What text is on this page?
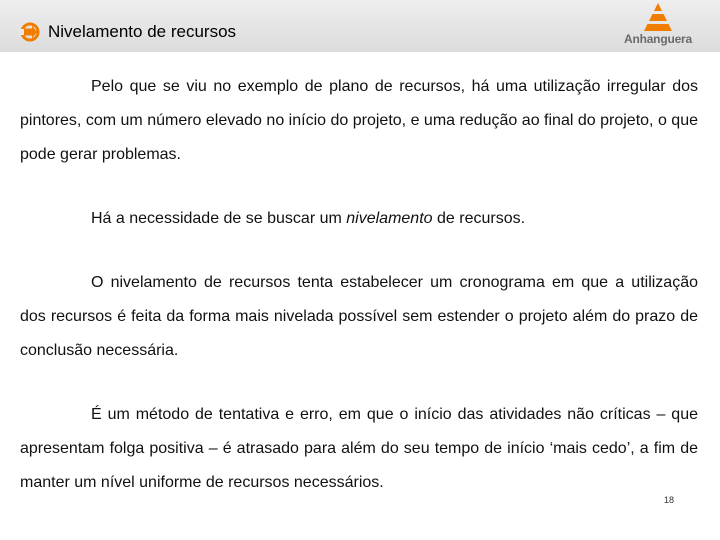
Nivelamento de recursos	Anhanguera

Pelo que se viu no exemplo de plano de recursos, há uma utilização irregular dos pintores, com um número elevado no início do projeto, e uma redução ao final do projeto, o que pode gerar problemas.

Há a necessidade de se buscar um nivelamento de recursos.

O nivelamento de recursos tenta estabelecer um cronograma em que a utilização dos recursos é feita da forma mais nivelada possível sem estender o projeto além do prazo de conclusão necessária.

É um método de tentativa e erro, em que o início das atividades não críticas – que apresentam folga positiva – é atrasado para além do seu tempo de início ‘mais cedo’, a fim de manter um nível uniforme de recursos necessários.

18
